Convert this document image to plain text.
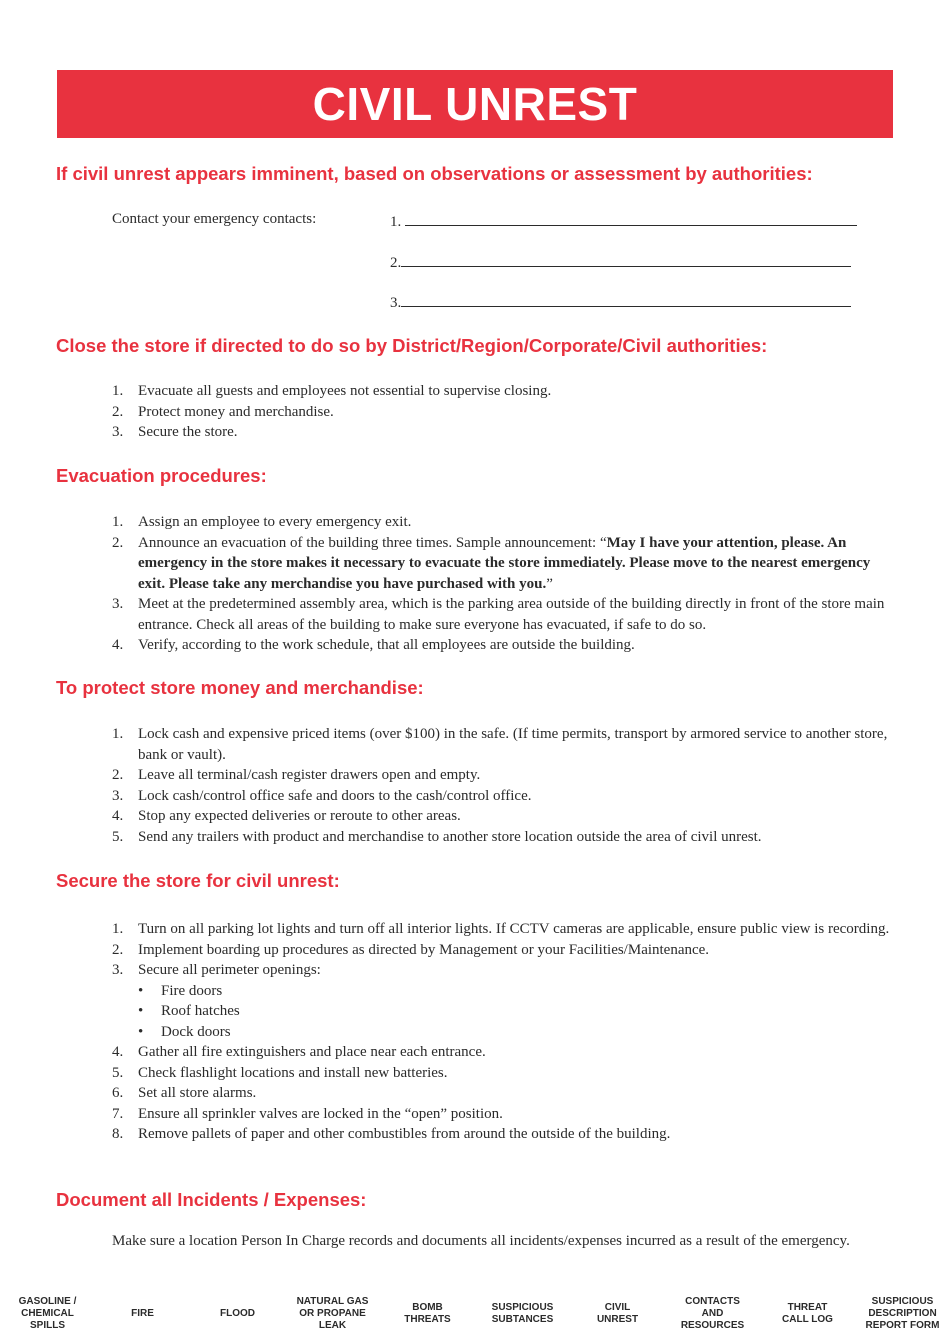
CIVIL UNREST
If civil unrest appears imminent, based on observations or assessment by authorities:
Contact your emergency contacts:	1.
2.
3.
Close the store if directed to do so by District/Region/Corporate/Civil authorities:
1. Evacuate all guests and employees not essential to supervise closing.
2. Protect money and merchandise.
3. Secure the store.
Evacuation procedures:
1. Assign an employee to every emergency exit.
2. Announce an evacuation of the building three times. Sample announcement: “May I have your attention, please. An emergency in the store makes it necessary to evacuate the store immediately. Please move to the nearest emergency exit. Please take any merchandise you have purchased with you.”
3. Meet at the predetermined assembly area, which is the parking area outside of the building directly in front of the store main entrance. Check all areas of the building to make sure everyone has evacuated, if safe to do so.
4. Verify, according to the work schedule, that all employees are outside the building.
To protect store money and merchandise:
1. Lock cash and expensive priced items (over $100) in the safe. (If time permits, transport by armored service to another store, bank or vault).
2. Leave all terminal/cash register drawers open and empty.
3. Lock cash/control office safe and doors to the cash/control office.
4. Stop any expected deliveries or reroute to other areas.
5. Send any trailers with product and merchandise to another store location outside the area of civil unrest.
Secure the store for civil unrest:
1. Turn on all parking lot lights and turn off all interior lights. If CCTV cameras are applicable, ensure public view is recording.
2. Implement boarding up procedures as directed by Management or your Facilities/Maintenance.
3. Secure all perimeter openings:
• Fire doors
• Roof hatches
• Dock doors
4. Gather all fire extinguishers and place near each entrance.
5. Check flashlight locations and install new batteries.
6. Set all store alarms.
7. Ensure all sprinkler valves are locked in the “open” position.
8. Remove pallets of paper and other combustibles from around the outside of the building.
Document all Incidents / Expenses:

Make sure a location Person In Charge records and documents all incidents/expenses incurred as a result of the emergency.

GASOLINE /
CHEMICAL
SPILLS
FIRE	FLOOD
NATURAL GAS
OR PROPANE
LEAK
BOMB
THREATS
SUSPICIOUS
SUBTANCES
CIVIL
UNREST
CONTACTS
AND
RESOURCES
THREAT
CALL LOG
SUSPICIOUS
DESCRIPTION
REPORT FORM
